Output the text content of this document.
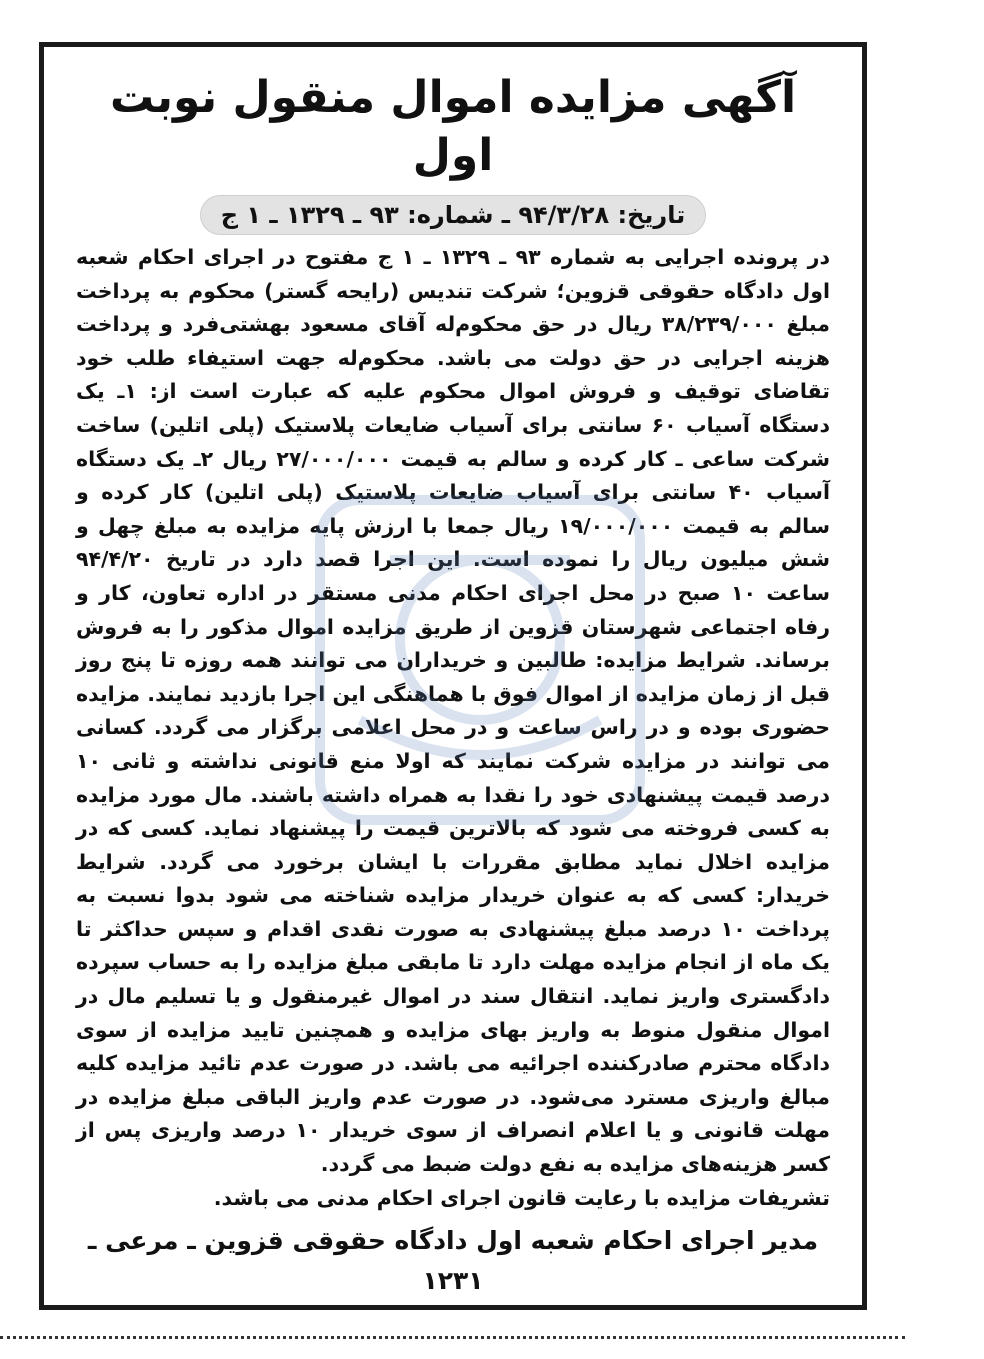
آگهی مزایده اموال منقول نوبت اول
تاریخ: ۹۴/۳/۲۸ ـ شماره: ۹۳ ـ ۱۳۲۹ ـ ۱ ج

در پرونده اجرایی به شماره ۹۳ ـ ۱۳۲۹ ـ ۱ ج مفتوح در اجرای احکام شعبه اول دادگاه حقوقی قزوین؛ شرکت تندیس (رایحه گستر) محکوم به پرداخت مبلغ ۳۸/۲۳۹/۰۰۰ ریال در حق محکوم‌له آقای مسعود بهشتی‌فرد و پرداخت هزینه اجرایی در حق دولت می باشد. محکوم‌له جهت استیفاء طلب خود تقاضای توقیف و فروش اموال محکوم علیه که عبارت است از: ۱ـ یک دستگاه آسیاب ۶۰ سانتی برای آسیاب ضایعات پلاستیک (پلی اتلین) ساخت شرکت ساعی ـ کار کرده و سالم به قیمت ۲۷/۰۰۰/۰۰۰ ریال ۲ـ یک دستگاه آسیاب ۴۰ سانتی برای آسیاب ضایعات پلاستیک (پلی اتلین) کار کرده و سالم به قیمت ۱۹/۰۰۰/۰۰۰ ریال جمعا با ارزش پایه مزایده به مبلغ چهل و شش میلیون ریال را نموده است. این اجرا قصد دارد در تاریخ ۹۴/۴/۲۰ ساعت ۱۰ صبح در محل اجرای احکام مدنی مستقر در اداره تعاون، کار و رفاه اجتماعی شهرستان قزوین از طریق مزایده اموال مذکور را به فروش برساند. شرایط مزایده: طالبین و خریداران می توانند همه روزه تا پنج روز قبل از زمان مزایده از اموال فوق با هماهنگی این اجرا بازدید نمایند. مزایده حضوری بوده و در راس ساعت و در محل اعلامی برگزار می گردد. کسانی می توانند در مزایده شرکت نمایند که اولا منع قانونی نداشته و ثانی ۱۰ درصد قیمت پیشنهادی خود را نقدا به همراه داشته باشند. مال مورد مزایده به کسی فروخته می شود که بالاترین قیمت را پیشنهاد نماید. کسی که در مزایده اخلال نماید مطابق مقررات با ایشان برخورد می گردد. شرایط خریدار: کسی که به عنوان خریدار مزایده شناخته می شود بدوا نسبت به پرداخت ۱۰ درصد مبلغ پیشنهادی به صورت نقدی اقدام و سپس حداکثر تا یک ماه از انجام مزایده مهلت دارد تا مابقی مبلغ مزایده را به حساب سپرده دادگستری واریز نماید. انتقال سند در اموال غیرمنقول و یا تسلیم مال در اموال منقول منوط به واریز بهای مزایده و همچنین تایید مزایده از سوی دادگاه محترم صادرکننده اجرائیه می باشد. در صورت عدم تائید مزایده کلیه مبالغ واریزی مسترد می‌شود. در صورت عدم واریز الباقی مبلغ مزایده در مهلت قانونی و یا اعلام انصراف از سوی خریدار ۱۰ درصد واریزی پس از کسر هزینه‌های مزایده به نفع دولت ضبط می گردد.

تشریفات مزایده با رعایت قانون اجرای احکام مدنی می باشد.

مدیر اجرای احکام شعبه اول دادگاه حقوقی قزوین ـ مرعی ـ ۱۲۳۱
